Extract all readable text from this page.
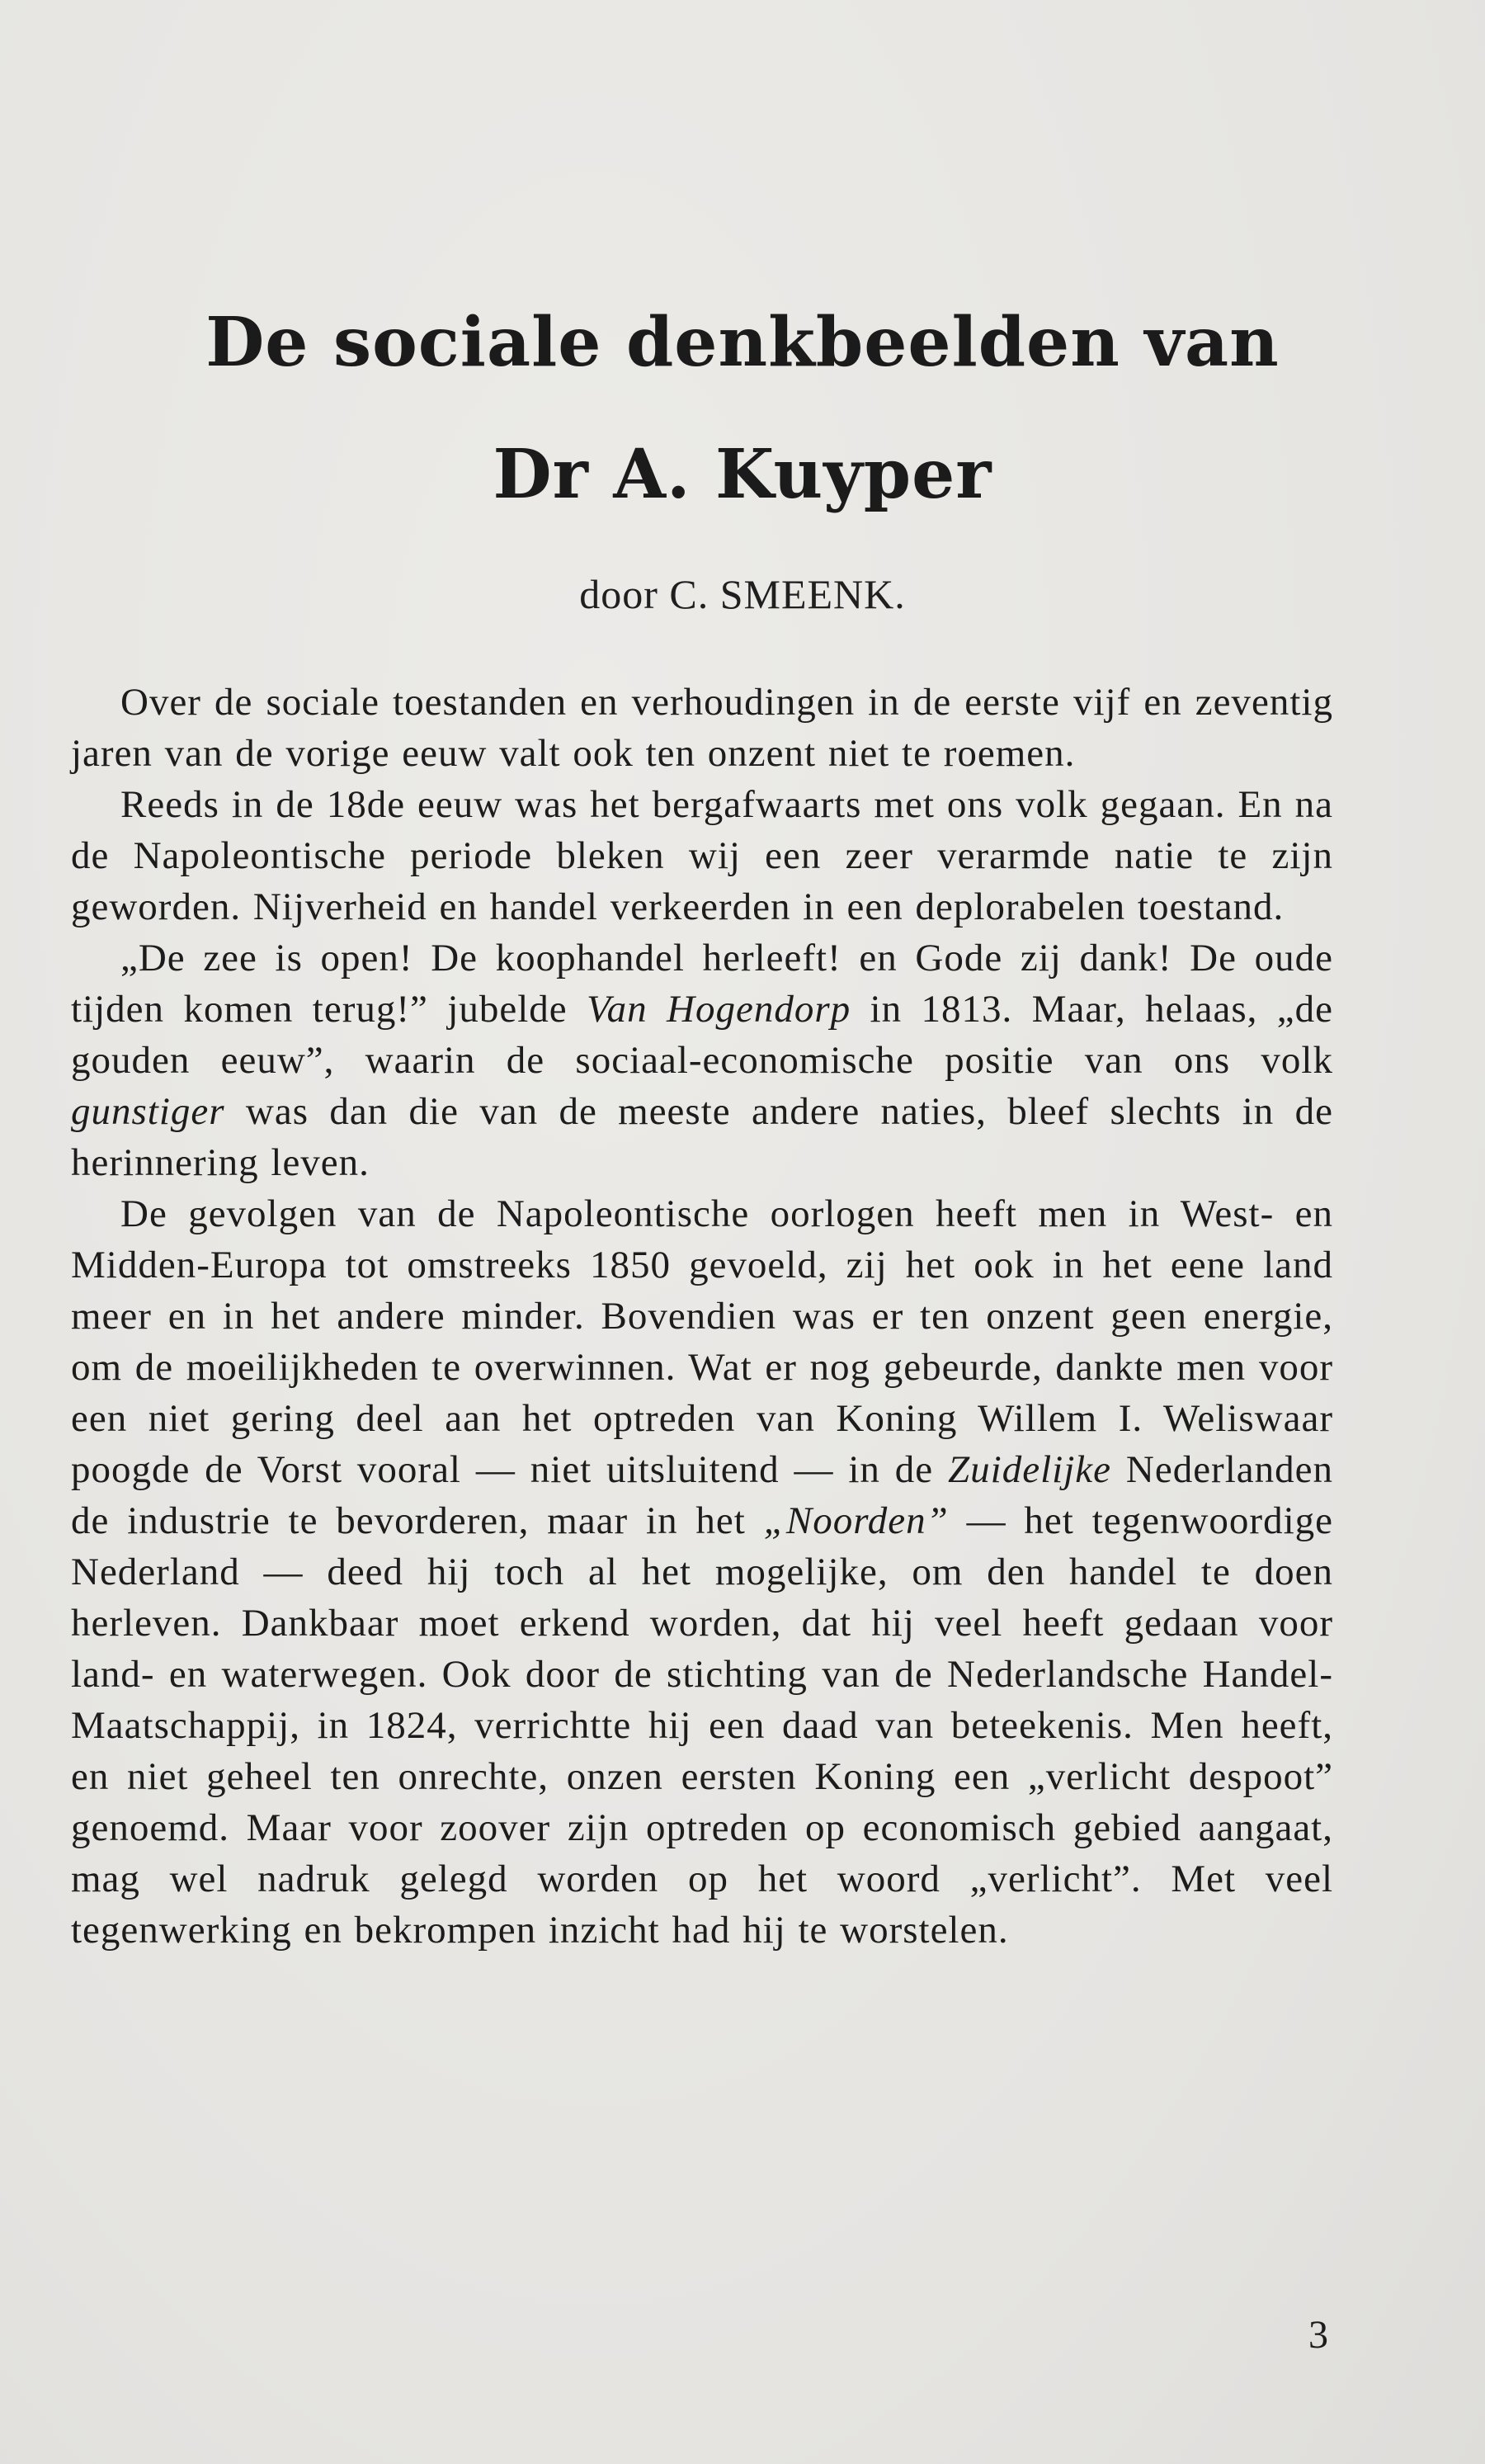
De sociale denkbeelden van
Dr A. Kuyper
door C. SMEENK.

Over de sociale toestanden en verhoudingen in de eerste vijf en zeventig jaren van de vorige eeuw valt ook ten onzent niet te roemen.

Reeds in de 18de eeuw was het bergafwaarts met ons volk gegaan. En na de Napoleontische periode bleken wij een zeer verarmde natie te zijn geworden. Nijverheid en handel verkeerden in een deplorabelen toestand.

„De zee is open! De koophandel herleeft! en Gode zij dank! De oude tijden komen terug!” jubelde Van Hogendorp in 1813. Maar, helaas, „de gouden eeuw”, waarin de sociaal-economische positie van ons volk gunstiger was dan die van de meeste andere naties, bleef slechts in de herinnering leven.

De gevolgen van de Napoleontische oorlogen heeft men in West- en Midden-Europa tot omstreeks 1850 gevoeld, zij het ook in het eene land meer en in het andere minder. Bovendien was er ten onzent geen energie, om de moeilijkheden te overwinnen. Wat er nog gebeurde, dankte men voor een niet gering deel aan het optreden van Koning Willem I. Weliswaar poogde de Vorst vooral — niet uitsluitend — in de Zuidelijke Nederlanden de industrie te bevorderen, maar in het „Noorden” — het tegenwoordige Nederland — deed hij toch al het mogelijke, om den handel te doen herleven. Dankbaar moet erkend worden, dat hij veel heeft gedaan voor land- en waterwegen. Ook door de stichting van de Nederlandsche Handel-Maatschappij, in 1824, verrichtte hij een daad van beteekenis. Men heeft, en niet geheel ten onrechte, onzen eersten Koning een „verlicht despoot” genoemd. Maar voor zoover zijn optreden op economisch gebied aangaat, mag wel nadruk gelegd worden op het woord „verlicht”. Met veel tegenwerking en bekrompen inzicht had hij te worstelen.

3
